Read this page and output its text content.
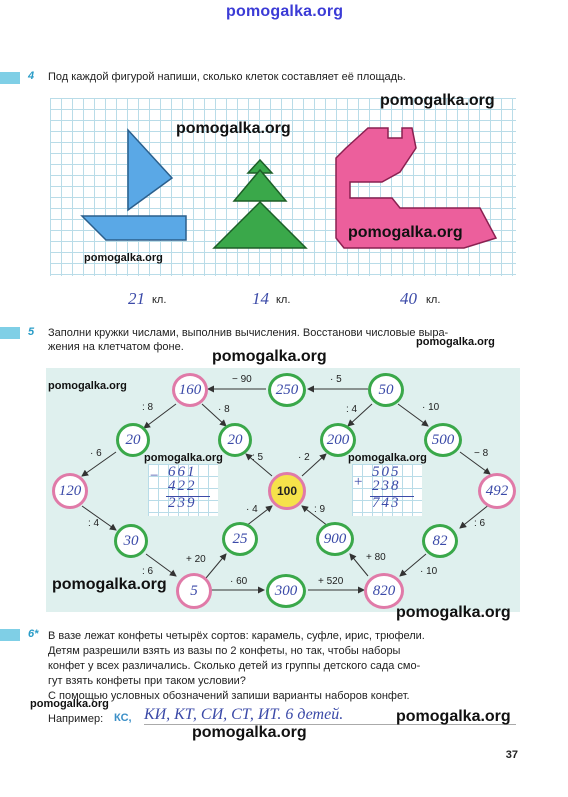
pomogalka.org
4 Под каждой фигурой напиши, сколько клеток составляет её площадь.
21 кл.	14 кл.	40 кл.
5 Заполни кружки числами, выполнив вычисления. Восстанови числовые выра-
жения на клетчатом фоне.
− 661
422
239
+
505
238
743
160	250	50
20	20	200	500
120	100	492
30	25	900	82
5	300	820
− 90	· 5
: 8	· 8	: 4	· 10
· 6	: 5	· 2	− 8
· 4	: 9
: 4	: 6
+ 20	+ 80
: 6
· 60	+ 520
· 10
6* В вазе лежат конфеты четырёх сортов: карамель, суфле, ирис, трюфели.
Детям разрешили взять из вазы по 2 конфеты, но так, чтобы наборы
конфет у всех различались. Сколько детей из группы детского сада смо-
гут взять конфеты при таком условии?
С помощью условных обозначений запиши варианты наборов конфет.
Например: КС, КИ, КТ, СИ, СТ, ИТ. 6 детей.
37
pomogalka.org
pomogalka.org
pomogalka.org
pomogalka.org
pomogalka.org
pomogalka.org
pomogalka.org
pomogalka.org	pomogalka.org
pomogalka.org
pomogalka.org
pomogalka.org
pomogalka.org
pomogalka.org
